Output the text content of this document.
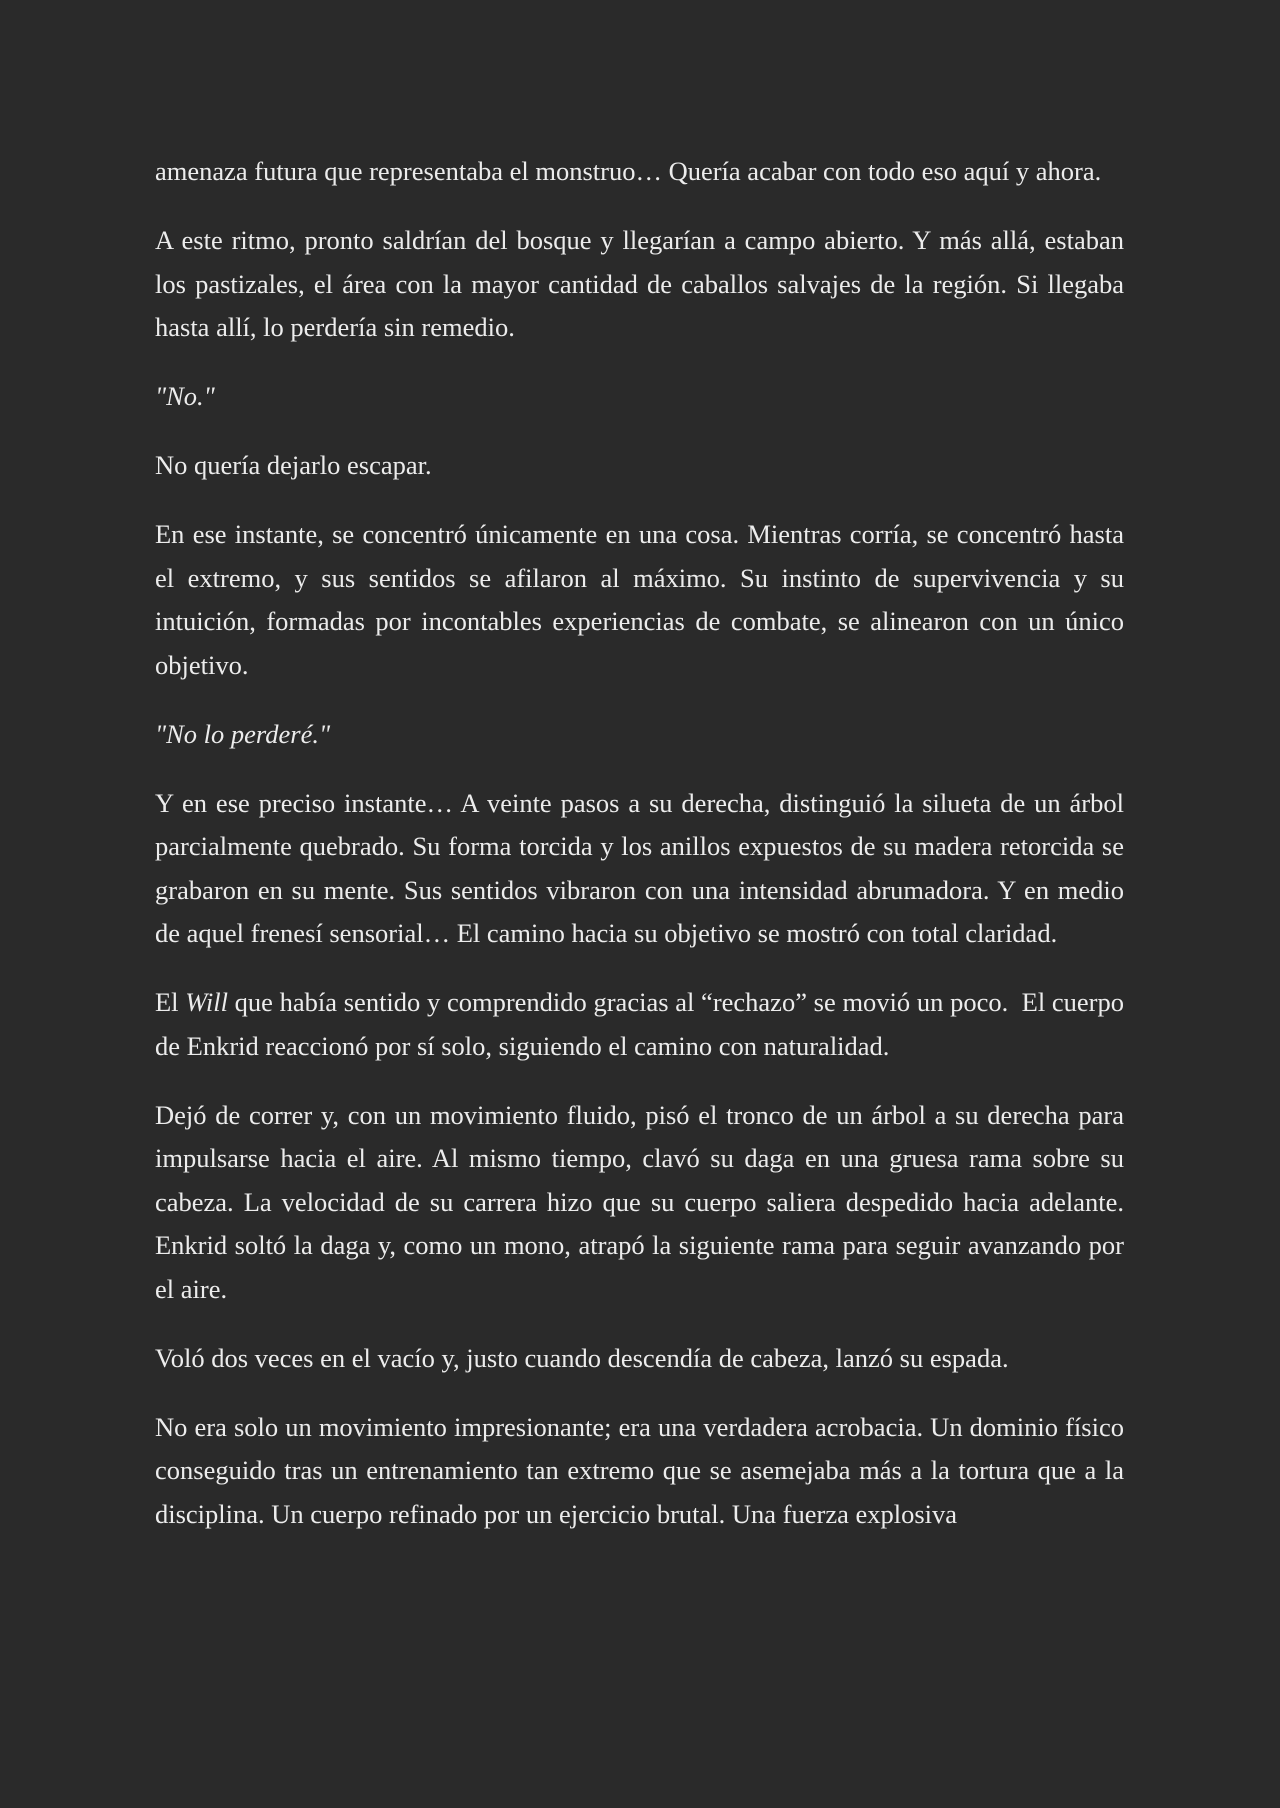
amenaza futura que representaba el monstruo… Quería acabar con todo eso aquí y ahora.

A este ritmo, pronto saldrían del bosque y llegarían a campo abierto. Y más allá, estaban los pastizales, el área con la mayor cantidad de caballos salvajes de la región. Si llegaba hasta allí, lo perdería sin remedio.

"No."

No quería dejarlo escapar.

En ese instante, se concentró únicamente en una cosa. Mientras corría, se concentró hasta el extremo, y sus sentidos se afilaron al máximo. Su instinto de supervivencia y su intuición, formadas por incontables experiencias de combate, se alinearon con un único objetivo.

"No lo perderé."

Y en ese preciso instante… A veinte pasos a su derecha, distinguió la silueta de un árbol parcialmente quebrado. Su forma torcida y los anillos expuestos de su madera retorcida se grabaron en su mente. Sus sentidos vibraron con una intensidad abrumadora. Y en medio de aquel frenesí sensorial… El camino hacia su objetivo se mostró con total claridad.

El Will que había sentido y comprendido gracias al “rechazo” se movió un poco.  El cuerpo de Enkrid reaccionó por sí solo, siguiendo el camino con naturalidad.

Dejó de correr y, con un movimiento fluido, pisó el tronco de un árbol a su derecha para impulsarse hacia el aire. Al mismo tiempo, clavó su daga en una gruesa rama sobre su cabeza. La velocidad de su carrera hizo que su cuerpo saliera despedido hacia adelante. Enkrid soltó la daga y, como un mono, atrapó la siguiente rama para seguir avanzando por el aire.

Voló dos veces en el vacío y, justo cuando descendía de cabeza, lanzó su espada.

No era solo un movimiento impresionante; era una verdadera acrobacia. Un dominio físico conseguido tras un entrenamiento tan extremo que se asemejaba más a la tortura que a la disciplina. Un cuerpo refinado por un ejercicio brutal. Una fuerza explosiva
